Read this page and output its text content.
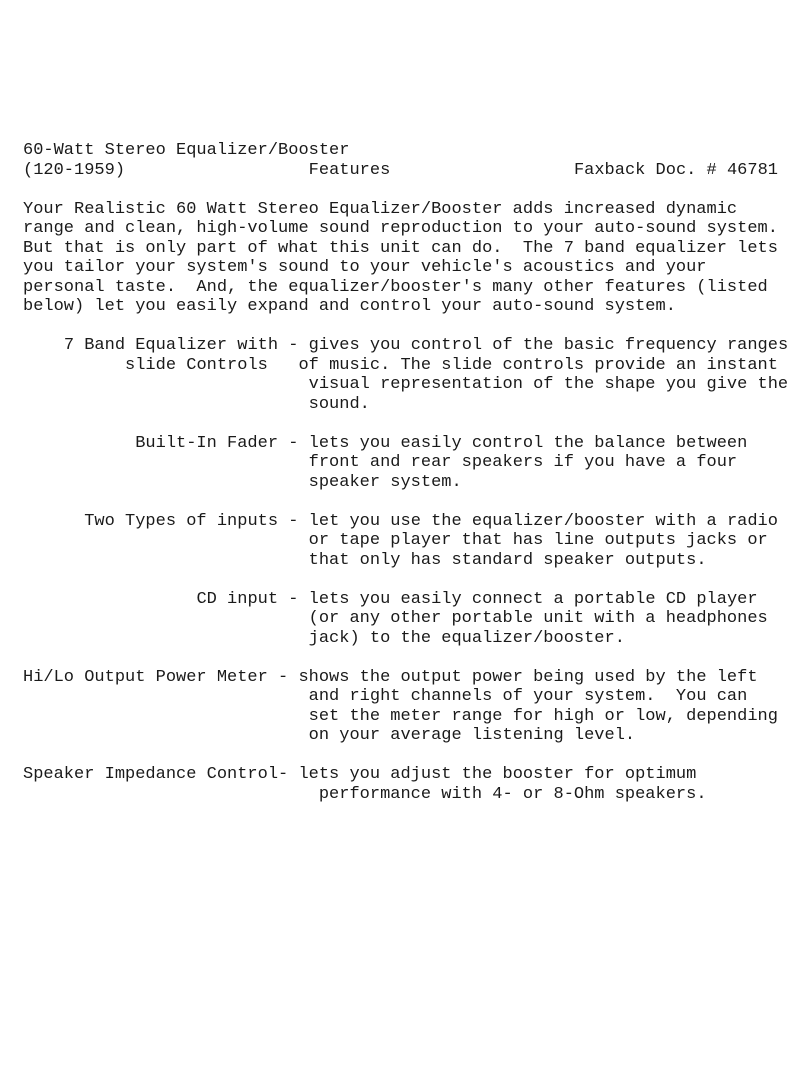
60-Watt Stereo Equalizer/Booster
(120-1959)	Features	Faxback Doc. # 46781
Your Realistic 60 Watt Stereo Equalizer/Booster adds increased dynamic
range and clean, high-volume sound reproduction to your auto-sound system.
But that is only part of what this unit can do.  The 7 band equalizer lets
you tailor your system's sound to your vehicle's acoustics and your
personal taste.  And, the equalizer/booster's many other features (listed
below) let you easily expand and control your auto-sound system.
7 Band Equalizer with - gives you control of the basic frequency ranges
slide Controls of music. The slide controls provide an instant
visual representation of the shape you give the
sound.
Built-In Fader - lets you easily control the balance between
front and rear speakers if you have a four
speaker system.
Two Types of inputs - let you use the equalizer/booster with a radio
or tape player that has line outputs jacks or
that only has standard speaker outputs.
CD input - lets you easily connect a portable CD player
(or any other portable unit with a headphones
jack) to the equalizer/booster.
Hi/Lo Output Power Meter - shows the output power being used by the left
and right channels of your system.  You can
set the meter range for high or low, depending
on your average listening level.
Speaker Impedance Control- lets you adjust the booster for optimum
performance with 4- or 8-Ohm speakers.
